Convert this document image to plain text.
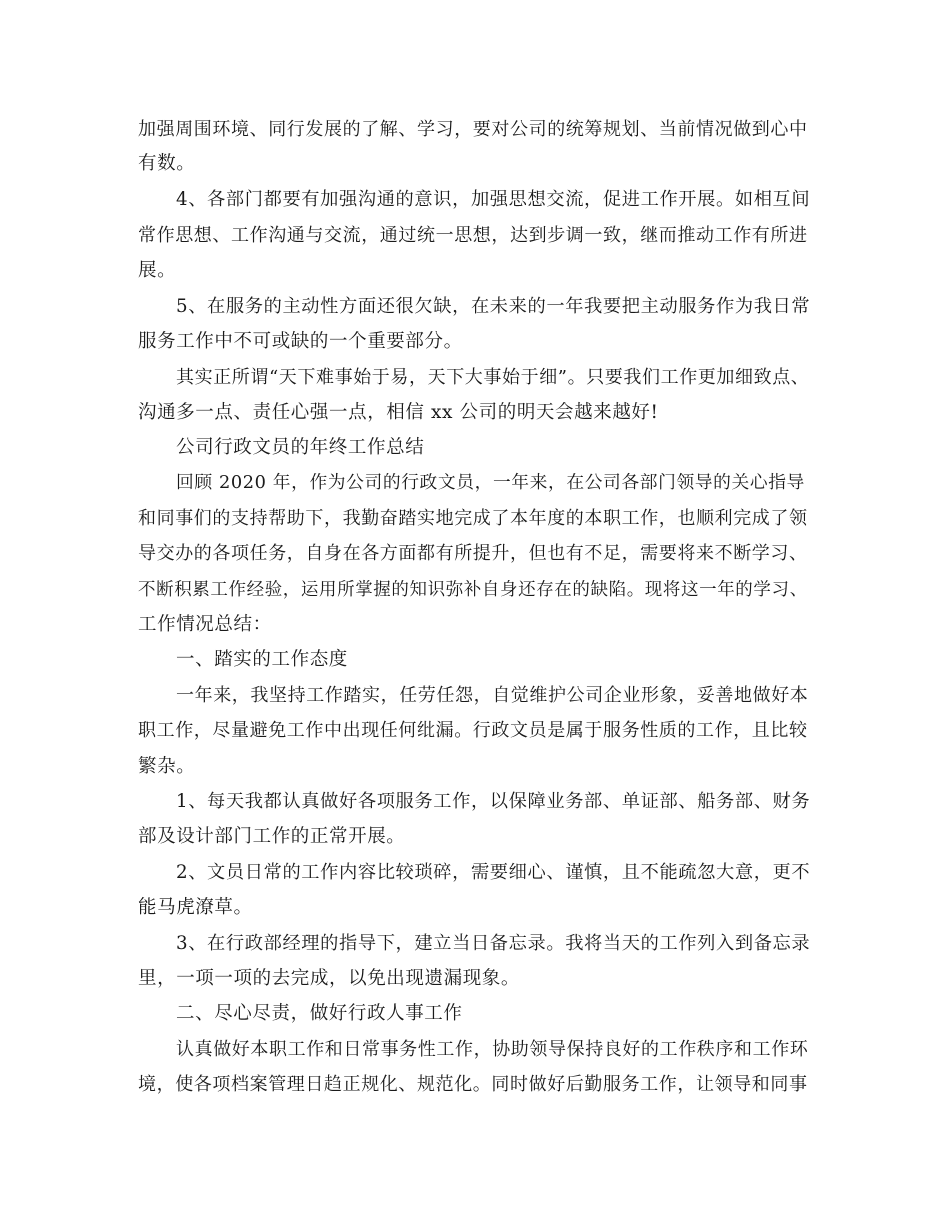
加强周围环境、同行发展的了解、学习，要对公司的统筹规划、当前情况做到心中

有数。

4、各部门都要有加强沟通的意识，加强思想交流，促进工作开展。如相互间

常作思想、工作沟通与交流，通过统一思想，达到步调一致，继而推动工作有所进

展。

5、在服务的主动性方面还很欠缺，在未来的一年我要把主动服务作为我日常

服务工作中不可或缺的一个重要部分。

其实正所谓“天下难事始于易，天下大事始于细”。只要我们工作更加细致点、

沟通多一点、责任心强一点，相信 xx 公司的明天会越来越好!

公司行政文员的年终工作总结

回顾 2020 年，作为公司的行政文员，一年来，在公司各部门领导的关心指导

和同事们的支持帮助下，我勤奋踏实地完成了本年度的本职工作，也顺利完成了领

导交办的各项任务，自身在各方面都有所提升，但也有不足，需要将来不断学习、

不断积累工作经验，运用所掌握的知识弥补自身还存在的缺陷。现将这一年的学习、

工作情况总结：

一、踏实的工作态度

一年来，我坚持工作踏实，任劳任怨，自觉维护公司企业形象，妥善地做好本

职工作，尽量避免工作中出现任何纰漏。行政文员是属于服务性质的工作，且比较

繁杂。

1、每天我都认真做好各项服务工作，以保障业务部、单证部、船务部、财务

部及设计部门工作的正常开展。

2、文员日常的工作内容比较琐碎，需要细心、谨慎，且不能疏忽大意，更不

能马虎潦草。

3、在行政部经理的指导下，建立当日备忘录。我将当天的工作列入到备忘录

里，一项一项的去完成，以免出现遗漏现象。

二、尽心尽责，做好行政人事工作

认真做好本职工作和日常事务性工作，协助领导保持良好的工作秩序和工作环

境，使各项档案管理日趋正规化、规范化。同时做好后勤服务工作，让领导和同事
